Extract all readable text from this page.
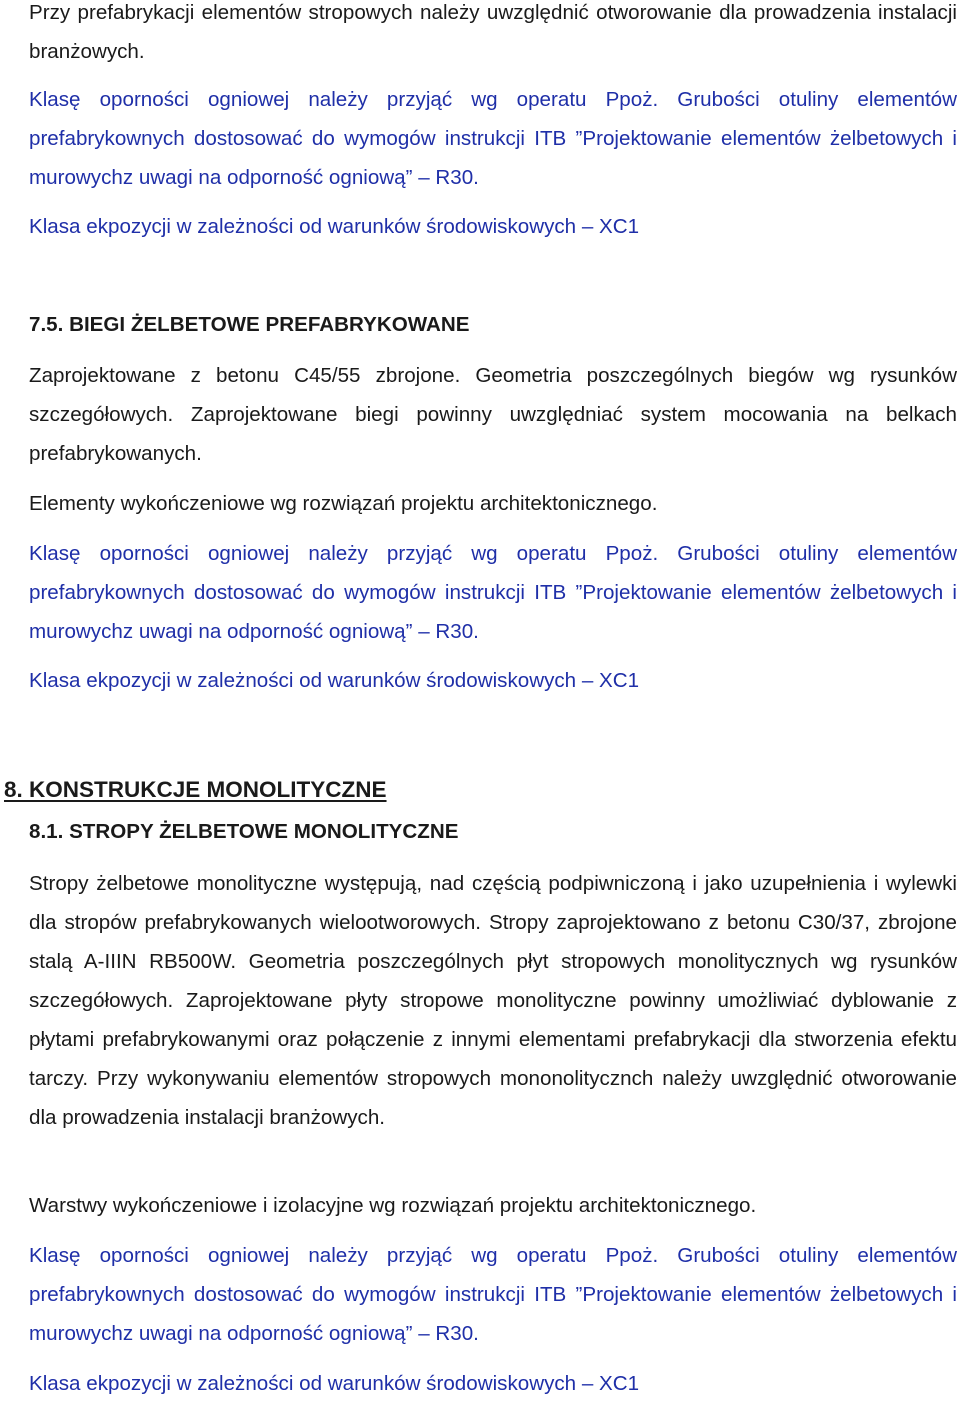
Przy prefabrykacji elementów stropowych należy uwzględnić otworowanie dla prowadzenia instalacji branżowych.

Klasę oporności ogniowej należy przyjąć wg operatu Ppoż. Grubości otuliny elementów prefabrykownych dostosować do wymogów instrukcji ITB ”Projektowanie elementów żelbetowych i murowychz uwagi na odporność ogniową” – R30.

Klasa ekpozycji w zależności od warunków środowiskowych – XC1

7.5. BIEGI ŻELBETOWE PREFABRYKOWANE

Zaprojektowane z betonu C45/55 zbrojone. Geometria poszczególnych biegów wg rysunków szczegółowych. Zaprojektowane biegi powinny uwzględniać system mocowania na belkach prefabrykowanych.

Elementy wykończeniowe wg rozwiązań projektu architektonicznego.

Klasę oporności ogniowej należy przyjąć wg operatu Ppoż. Grubości otuliny elementów prefabrykownych dostosować do wymogów instrukcji ITB ”Projektowanie elementów żelbetowych i murowychz uwagi na odporność ogniową” – R30.

Klasa ekpozycji w zależności od warunków środowiskowych – XC1

8. KONSTRUKCJE MONOLITYCZNE

8.1. STROPY ŻELBETOWE MONOLITYCZNE

Stropy żelbetowe monolityczne występują, nad częścią podpiwniczoną i jako uzupełnienia i wylewki dla stropów prefabrykowanych wielootworowych. Stropy zaprojektowano z betonu C30/37, zbrojone stalą A-IIIN RB500W. Geometria poszczególnych płyt stropowych monolitycznych wg rysunków szczegółowych. Zaprojektowane płyty stropowe monolityczne powinny umożliwiać dyblowanie z płytami prefabrykowanymi oraz połączenie z innymi elementami prefabrykacji dla stworzenia efektu tarczy. Przy wykonywaniu elementów stropowych mononolitycznch należy uwzględnić otworowanie dla prowadzenia instalacji branżowych.

Warstwy wykończeniowe i izolacyjne wg rozwiązań projektu architektonicznego.

Klasę oporności ogniowej należy przyjąć wg operatu Ppoż. Grubości otuliny elementów prefabrykownych dostosować do wymogów instrukcji ITB ”Projektowanie elementów żelbetowych i murowychz uwagi na odporność ogniową” – R30.

Klasa ekpozycji w zależności od warunków środowiskowych – XC1
